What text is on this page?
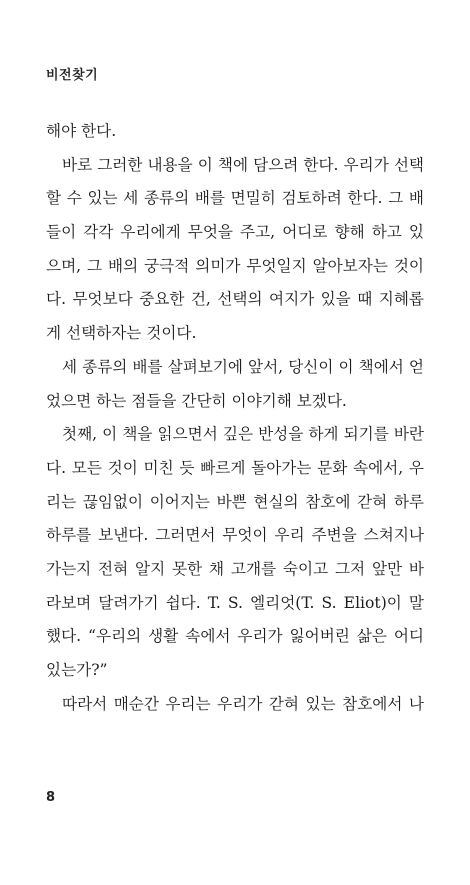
비전찾기
해야 한다.
바로 그러한 내용을 이 책에 담으려 한다. 우리가 선택
할 수 있는 세 종류의 배를 면밀히 검토하려 한다. 그 배
들이 각각 우리에게 무엇을 주고, 어디로 향해 하고 있
으며, 그 배의 궁극적 의미가 무엇일지 알아보자는 것이
다. 무엇보다 중요한 건, 선택의 여지가 있을 때 지혜롭
게 선택하자는 것이다.
세 종류의 배를 살펴보기에 앞서, 당신이 이 책에서 얻
었으면 하는 점들을 간단히 이야기해 보겠다.
첫째, 이 책을 읽으면서 깊은 반성을 하게 되기를 바란
다. 모든 것이 미친 듯 빠르게 돌아가는 문화 속에서, 우
리는 끊임없이 이어지는 바쁜 현실의 참호에 갇혀 하루
하루를 보낸다. 그러면서 무엇이 우리 주변을 스쳐지나
가는지 전혀 알지 못한 채 고개를 숙이고 그저 앞만 바
라보며 달려가기 쉽다. T. S. 엘리엇(T. S. Eliot)이 말
했다. “우리의 생활 속에서 우리가 잃어버린 삶은 어디
있는가?”
따라서 매순간 우리는 우리가 갇혀 있는 참호에서 나
8
